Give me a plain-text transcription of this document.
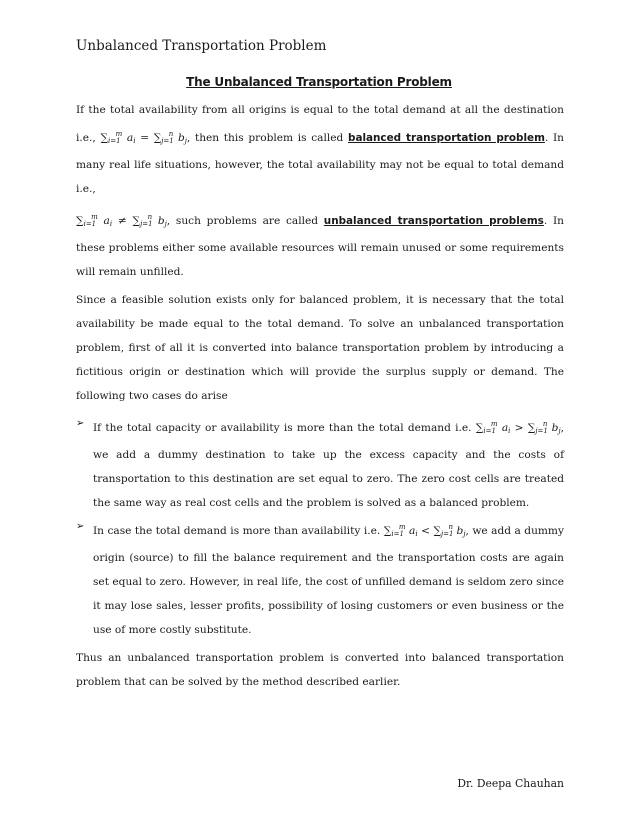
Unbalanced Transportation Problem
The Unbalanced Transportation Problem

If the total availability from all origins is equal to the total demand at all the destination i.e., $\sum_{i=1}^m$ $a_i = \sum_{j=1}^n$ $b_j$, then this problem is called balanced transportation problem. In many real life situations, however, the total availability may not be equal to total demand i.e.,

$\sum_{i=1}^m$ $a_i \ne \sum_{j=1}^n$ $b_j$, such problems are called unbalanced transportation problems. In these problems either some available resources will remain unused or some requirements will remain unfilled.

Since a feasible solution exists only for balanced problem, it is necessary that the total availability be made equal to the total demand. To solve an unbalanced transportation problem, first of all it is converted into balance transportation problem by introducing a fictitious origin or destination which will provide the surplus supply or demand. The following two cases do arise

➢ If the total capacity or availability is more than the total demand i.e. $\sum_{i=1}^m$ $a_i > \sum_{j=1}^n$ $b_j$, we add a dummy destination to take up the excess capacity and the costs of transportation to this destination are set equal to zero. The zero cost cells are treated the same way as real cost cells and the problem is solved as a balanced problem.
➢ In case the total demand is more than availability i.e. $\sum_{i=1}^m$ $a_i < \sum_{j=1}^n$ $b_j$, we add a dummy origin (source) to fill the balance requirement and the transportation costs are again set equal to zero. However, in real life, the cost of unfilled demand is seldom zero since it may lose sales, lesser profits, possibility of losing customers or even business or the use of more costly substitute.

Thus an unbalanced transportation problem is converted into balanced transportation problem that can be solved by the method described earlier.

Dr. Deepa Chauhan
